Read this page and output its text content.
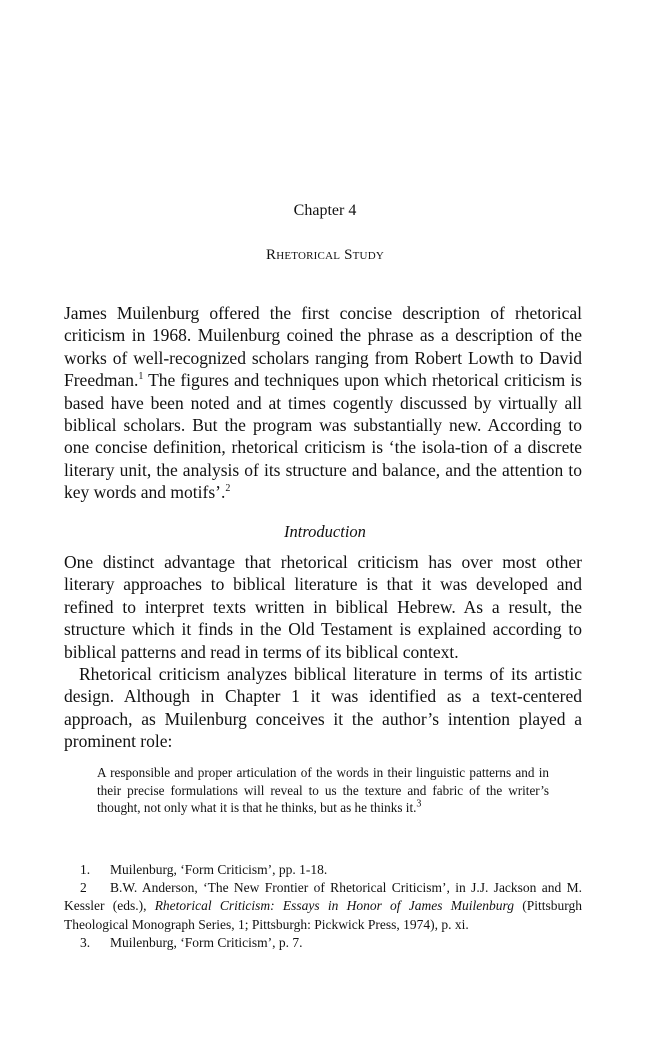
Chapter 4
Rhetorical Study
James Muilenburg offered the first concise description of rhetorical criticism in 1968. Muilenburg coined the phrase as a description of the works of well-recognized scholars ranging from Robert Lowth to David Freedman.$^1$ The figures and techniques upon which rhetorical criticism is based have been noted and at times cogently discussed by virtually all biblical scholars. But the program was substantially new. According to one concise definition, rhetorical criticism is ‘the isola-tion of a discrete literary unit, the analysis of its structure and balance, and the attention to key words and motifs’.$^2$
Introduction
One distinct advantage that rhetorical criticism has over most other literary approaches to biblical literature is that it was developed and refined to interpret texts written in biblical Hebrew. As a result, the structure which it finds in the Old Testament is explained according to biblical patterns and read in terms of its biblical context.
Rhetorical criticism analyzes biblical literature in terms of its artistic design. Although in Chapter 1 it was identified as a text-centered approach, as Muilenburg conceives it the author’s intention played a prominent role:
A responsible and proper articulation of the words in their linguistic patterns and in their precise formulations will reveal to us the texture and fabric of the writer’s thought, not only what it is that he thinks, but as he thinks it.$^3$
1. Muilenburg, ‘Form Criticism’, pp. 1-18.
2 B.W. Anderson, ‘The New Frontier of Rhetorical Criticism’, in J.J. Jackson and M. Kessler (eds.), Rhetorical Criticism: Essays in Honor of James Muilenburg (Pittsburgh Theological Monograph Series, 1; Pittsburgh: Pickwick Press, 1974), p. xi.
3. Muilenburg, ‘Form Criticism’, p. 7.
